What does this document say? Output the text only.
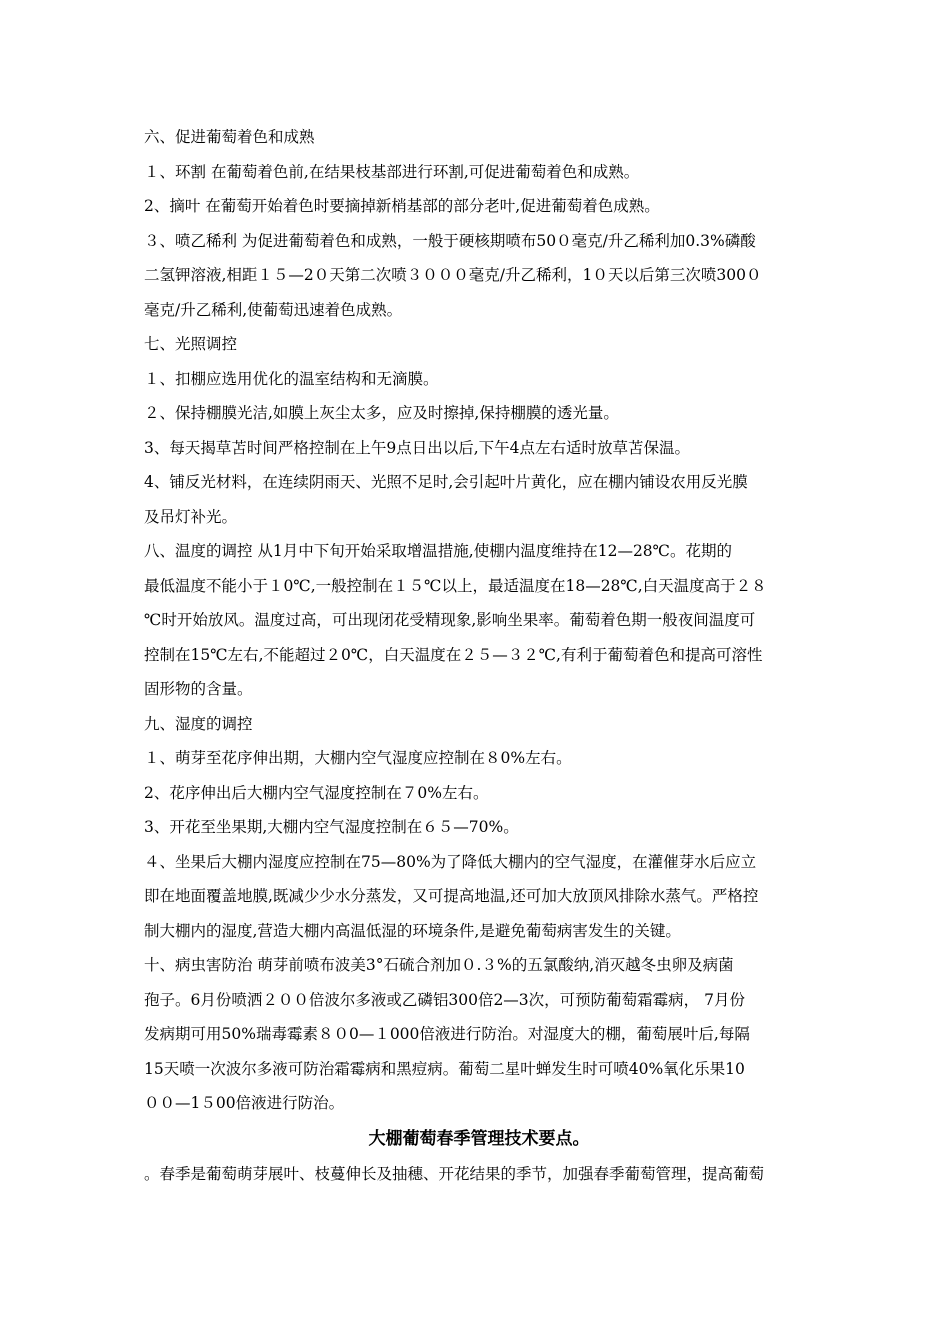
六、促进葡萄着色和成熟
１、环割 在葡萄着色前,在结果枝基部进行环割,可促进葡萄着色和成熟。
2、摘叶 在葡萄开始着色时要摘掉新梢基部的部分老叶,促进葡萄着色成熟。
３、喷乙稀利 为促进葡萄着色和成熟，一般于硬核期喷布50０毫克/升乙稀利加0.3%磷酸
二氢钾溶液,相距１５—2０天第二次喷３０００毫克/升乙稀利，1０天以后第三次喷300０
毫克/升乙稀利,使葡萄迅速着色成熟。
七、光照调控
１、扣棚应选用优化的温室结构和无滴膜。
２、保持棚膜光洁,如膜上灰尘太多，应及时擦掉,保持棚膜的透光量。
3、每天揭草苫时间严格控制在上午9点日出以后,下午4点左右适时放草苫保温。
4、铺反光材料，在连续阴雨天、光照不足时,会引起叶片黄化，应在棚内铺设农用反光膜
及吊灯补光。
八、温度的调控 从1月中下旬开始采取增温措施,使棚内温度维持在12—28℃。花期的
最低温度不能小于１0℃,一般控制在１５℃以上，最适温度在18—28℃,白天温度高于２８
℃时开始放风。温度过高，可出现闭花受精现象,影响坐果率。葡萄着色期一般夜间温度可
控制在15℃左右,不能超过２0℃，白天温度在２５—３２℃,有利于葡萄着色和提高可溶性
固形物的含量。
九、湿度的调控
１、萌芽至花序伸出期，大棚内空气湿度应控制在８0%左右。
2、花序伸出后大棚内空气湿度控制在７0%左右。
3、开花至坐果期,大棚内空气湿度控制在６５—70%。
４、坐果后大棚内湿度应控制在75—80%为了降低大棚内的空气湿度，在灌催芽水后应立
即在地面覆盖地膜,既减少少水分蒸发，又可提高地温,还可加大放顶风排除水蒸气。严格控
制大棚内的湿度,营造大棚内高温低湿的环境条件,是避免葡萄病害发生的关键。
十、病虫害防治 萌芽前喷布波美3°石硫合剂加０.３%的五氯酸纳,消灭越冬虫卵及病菌
孢子。6月份喷洒２００倍波尔多液或乙磷铝300倍2—3次，可预防葡萄霜霉病， 7月份
发病期可用50%瑞毒霉素８０0—１000倍液进行防治。对湿度大的棚，葡萄展叶后,每隔
15天喷一次波尔多液可防治霜霉病和黑痘病。葡萄二星叶蝉发生时可喷40%氧化乐果10
００—1５00倍液进行防治。
大棚葡萄春季管理技术要点。
。春季是葡萄萌芽展叶、枝蔓伸长及抽穗、开花结果的季节，加强春季葡萄管理，提高葡萄
